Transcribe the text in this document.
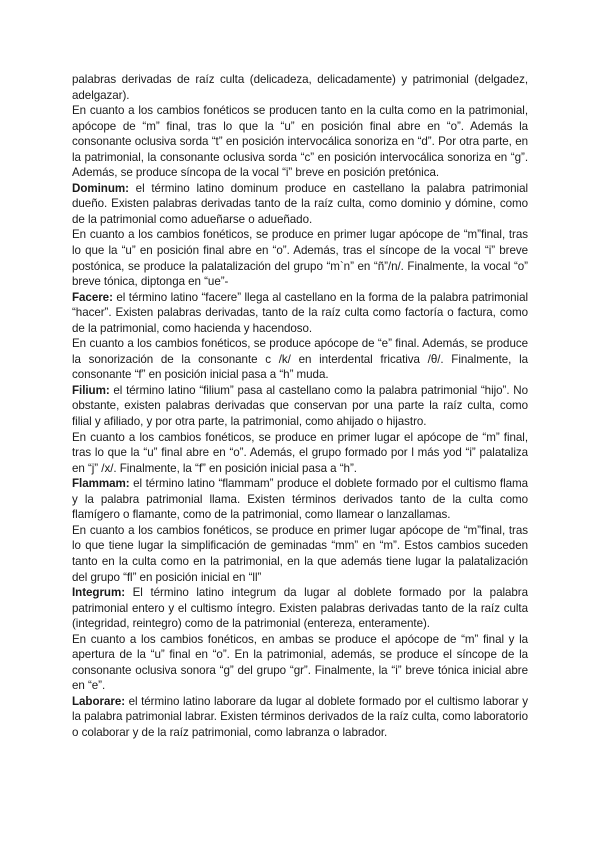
palabras derivadas de raíz culta (delicadeza, delicadamente) y patrimonial (delgadez, adelgazar).

En cuanto a los cambios fonéticos se producen tanto en la culta como en la patrimonial, apócope de “m” final, tras lo que la “u” en posición final abre en “o”. Además la consonante oclusiva sorda “t” en posición intervocálica sonoriza en “d”. Por otra parte, en la patrimonial, la consonante oclusiva sorda “c” en posición intervocálica sonoriza en “g”. Además, se produce síncopa de la vocal “i” breve en posición pretónica.

Dominum: el término latino dominum produce en castellano la palabra patrimonial dueño. Existen palabras derivadas tanto de la raíz culta, como dominio y dómine, como de la patrimonial como adueñarse o adueñado.

En cuanto a los cambios fonéticos, se produce en primer lugar apócope de “m”final, tras lo que la “u” en posición final abre en “o”. Además, tras el síncope de la vocal “i” breve postónica, se produce la palatalización del grupo “m`n” en “ñ”/n/. Finalmente, la vocal “o” breve tónica, diptonga en “ue”-

Facere: el término latino “facere” llega al castellano en la forma de la palabra patrimonial “hacer”. Existen palabras derivadas, tanto de la raíz culta como factoría o factura, como de la patrimonial, como hacienda y hacendoso.

En cuanto a los cambios fonéticos, se produce apócope de “e” final. Además, se produce la sonorización de la consonante c /k/ en interdental fricativa /θ/. Finalmente, la consonante “f” en posición inicial pasa a “h” muda.

Filium: el término latino “filium” pasa al castellano como la palabra patrimonial “hijo”. No obstante, existen palabras derivadas que conservan por una parte la raíz culta, como filial y afiliado, y por otra parte, la patrimonial, como ahijado o hijastro.

En cuanto a los cambios fonéticos, se produce en primer lugar el apócope de “m” final, tras lo que la “u” final abre en “o”. Además, el grupo formado por l más yod “i” palataliza en “j” /x/. Finalmente, la “f” en posición inicial pasa a “h”.

Flammam: el término latino “flammam” produce el doblete formado por el cultismo flama y la palabra patrimonial llama. Existen términos derivados tanto de la culta como flamígero o flamante, como de la patrimonial, como llamear o lanzallamas.

En cuanto a los cambios fonéticos, se produce en primer lugar apócope de “m”final, tras lo que tiene lugar la simplificación de geminadas “mm” en “m”. Estos cambios suceden tanto en la culta como en la patrimonial, en la que además tiene lugar la palatalización del grupo “fl” en posición inicial en “ll”

Integrum: El término latino integrum da lugar al doblete formado por la palabra patrimonial entero y el cultismo íntegro. Existen palabras derivadas tanto de la raíz culta (integridad, reintegro) como de la patrimonial (entereza, enteramente).

En cuanto a los cambios fonéticos, en ambas se produce el apócope de “m” final y la apertura de la “u” final en “o”. En la patrimonial, además, se produce el síncope de la consonante oclusiva sonora “g” del grupo “gr”. Finalmente, la “i” breve tónica inicial abre en “e”.

Laborare: el término latino laborare da lugar al doblete formado por el cultismo laborar y la palabra patrimonial labrar. Existen términos derivados de la raíz culta, como laboratorio o colaborar y de la raíz patrimonial, como labranza o labrador.
